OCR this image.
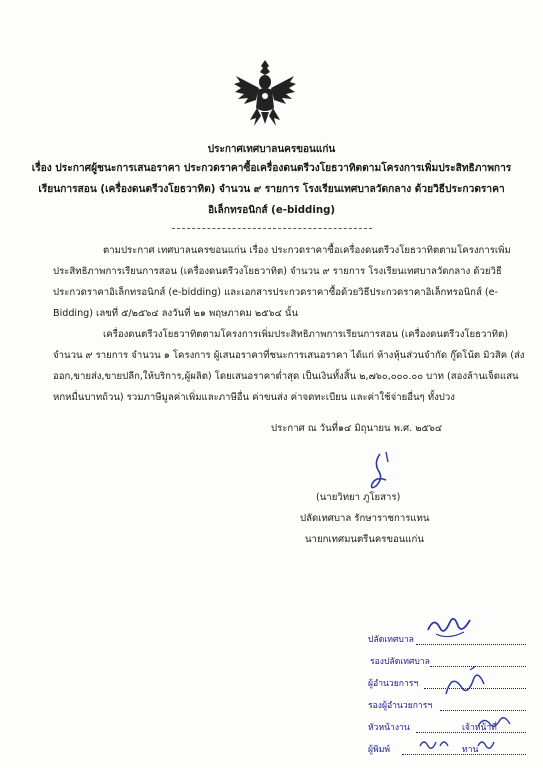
ประกาศเทศบาลนครขอนแก่น
เรื่อง ประกาศผู้ชนะการเสนอราคา ประกวดราคาซื้อเครื่องดนตรีวงโยธวาทิตตามโครงการเพิ่มประสิทธิภาพการ
เรียนการสอน (เครื่องดนตรีวงโยธวาทิต) จำนวน ๙ รายการ โรงเรียนเทศบาลวัดกลาง ด้วยวิธีประกวดราคา
อิเล็กทรอนิกส์ (e-bidding)
ตามประกาศ เทศบาลนครขอนแก่น เรื่อง ประกวดราคาซื้อเครื่องดนตรีวงโยธวาทิตตามโครงการเพิ่ม
ประสิทธิภาพการเรียนการสอน (เครื่องดนตรีวงโยธวาทิต) จำนวน ๙ รายการ โรงเรียนเทศบาลวัดกลาง ด้วยวิธี
ประกวดราคาอิเล็กทรอนิกส์ (e-bidding) และเอกสารประกวดราคาซื้อด้วยวิธีประกวดราคาอิเล็กทรอนิกส์ (e-
Bidding) เลขที่ ๕/๒๕๖๔ ลงวันที่ ๒๑ พฤษภาคม ๒๕๖๔ นั้น
เครื่องดนตรีวงโยธวาทิตตามโครงการเพิ่มประสิทธิภาพการเรียนการสอน (เครื่องดนตรีวงโยธวาทิต)
จำนวน ๙ รายการ จำนวน ๑ โครงการ ผู้เสนอราคาที่ชนะการเสนอราคา ได้แก่ ห้างหุ้นส่วนจำกัด กู๊ดโน้ต มิวสิค (ส่ง
ออก,ขายส่ง,ขายปลีก,ให้บริการ,ผู้ผลิต) โดยเสนอราคาต่ำสุด เป็นเงินทั้งสิ้น ๒,๗๖๐,๐๐๐.๐๐ บาท (สองล้านเจ็ดแสน
หกหมื่นบาทถ้วน) รวมภาษีมูลค่าเพิ่มและภาษีอื่น ค่าขนส่ง ค่าจดทะเบียน และค่าใช้จ่ายอื่นๆ ทั้งปวง
ประกาศ ณ วันที่๑๔ มิถุนายน พ.ศ. ๒๕๖๔
(นายวิทยา ภูโยสาร)
ปลัดเทศบาล รักษาราชการแทน
นายกเทศมนตรีนครขอนแก่น
ปลัดเทศบาล
รองปลัดเทศบาล
ผู้อำนวยการฯ
รองผู้อำนวยการฯ
หัวหน้างาน	เจ้าหน้าที่
ผู้พิมพ์	ทาน
